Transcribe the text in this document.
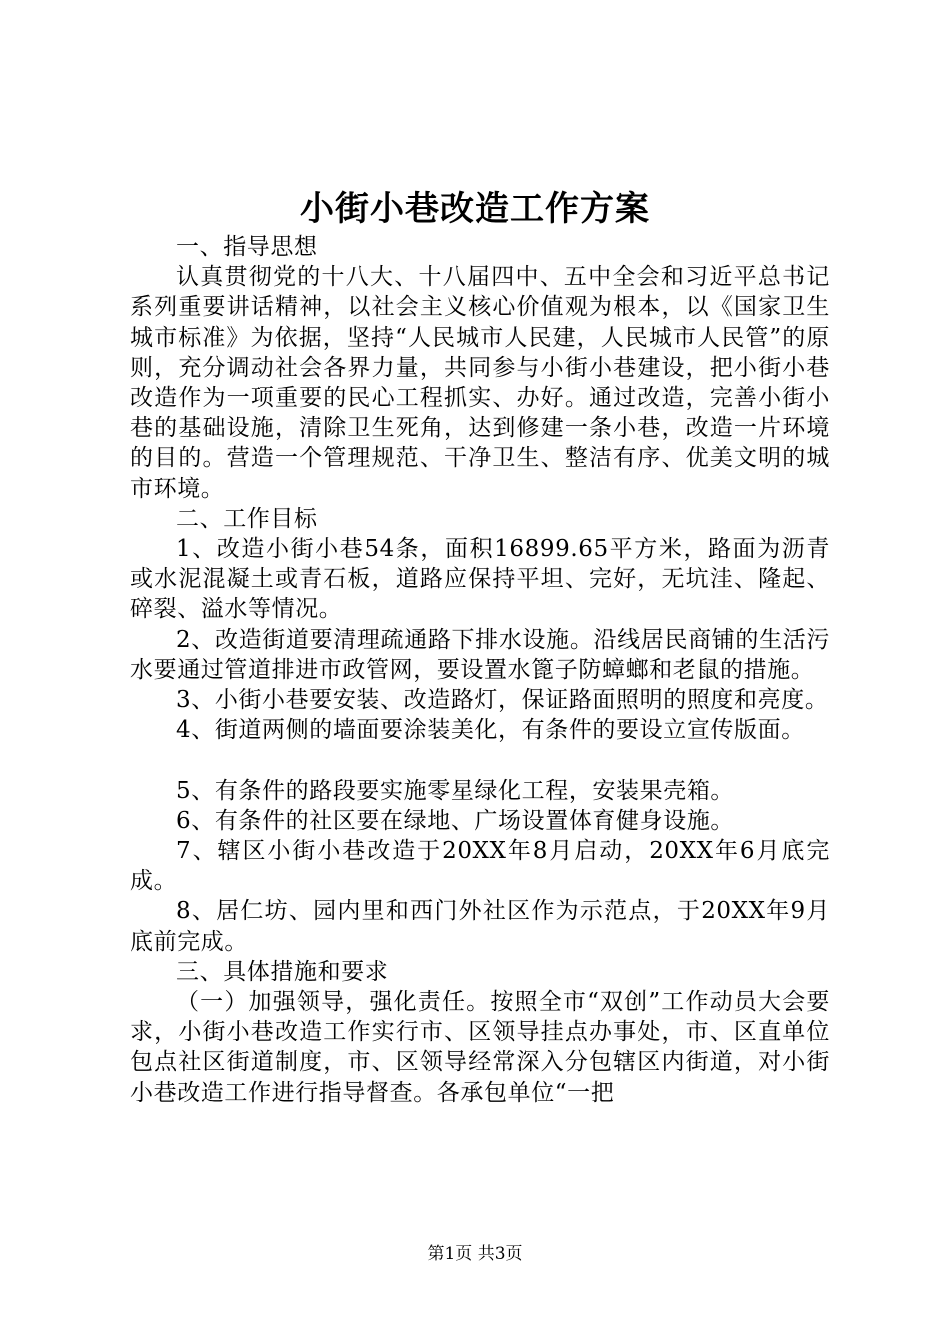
小街小巷改造工作方案

一、指导思想

认真贯彻党的十八大、十八届四中、五中全会和习近平总书记系列重要讲话精神，以社会主义核心价值观为根本，以《国家卫生城市标准》为依据，坚持“人民城市人民建，人民城市人民管”的原则，充分调动社会各界力量，共同参与小街小巷建设，把小街小巷改造作为一项重要的民心工程抓实、办好。通过改造，完善小街小巷的基础设施，清除卫生死角，达到修建一条小巷，改造一片环境的目的。营造一个管理规范、干净卫生、整洁有序、优美文明的城市环境。

二、工作目标

1、改造小街小巷54条，面积16899.65平方米，路面为沥青或水泥混凝土或青石板，道路应保持平坦、完好，无坑洼、隆起、碎裂、溢水等情况。

2、改造街道要清理疏通路下排水设施。沿线居民商铺的生活污水要通过管道排进市政管网，要设置水篦子防蟑螂和老鼠的措施。

3、小街小巷要安装、改造路灯，保证路面照明的照度和亮度。

4、街道两侧的墙面要涂装美化，有条件的要设立宣传版面。

5、有条件的路段要实施零星绿化工程，安装果壳箱。

6、有条件的社区要在绿地、广场设置体育健身设施。

7、辖区小街小巷改造于20XX年8月启动，20XX年6月底完成。

8、居仁坊、园内里和西门外社区作为示范点，于20XX年9月底前完成。

三、具体措施和要求

（一）加强领导，强化责任。按照全市“双创”工作动员大会要求，小街小巷改造工作实行市、区领导挂点办事处，市、区直单位包点社区街道制度，市、区领导经常深入分包辖区内街道，对小街小巷改造工作进行指导督查。各承包单位“一把

第1页 共3页
